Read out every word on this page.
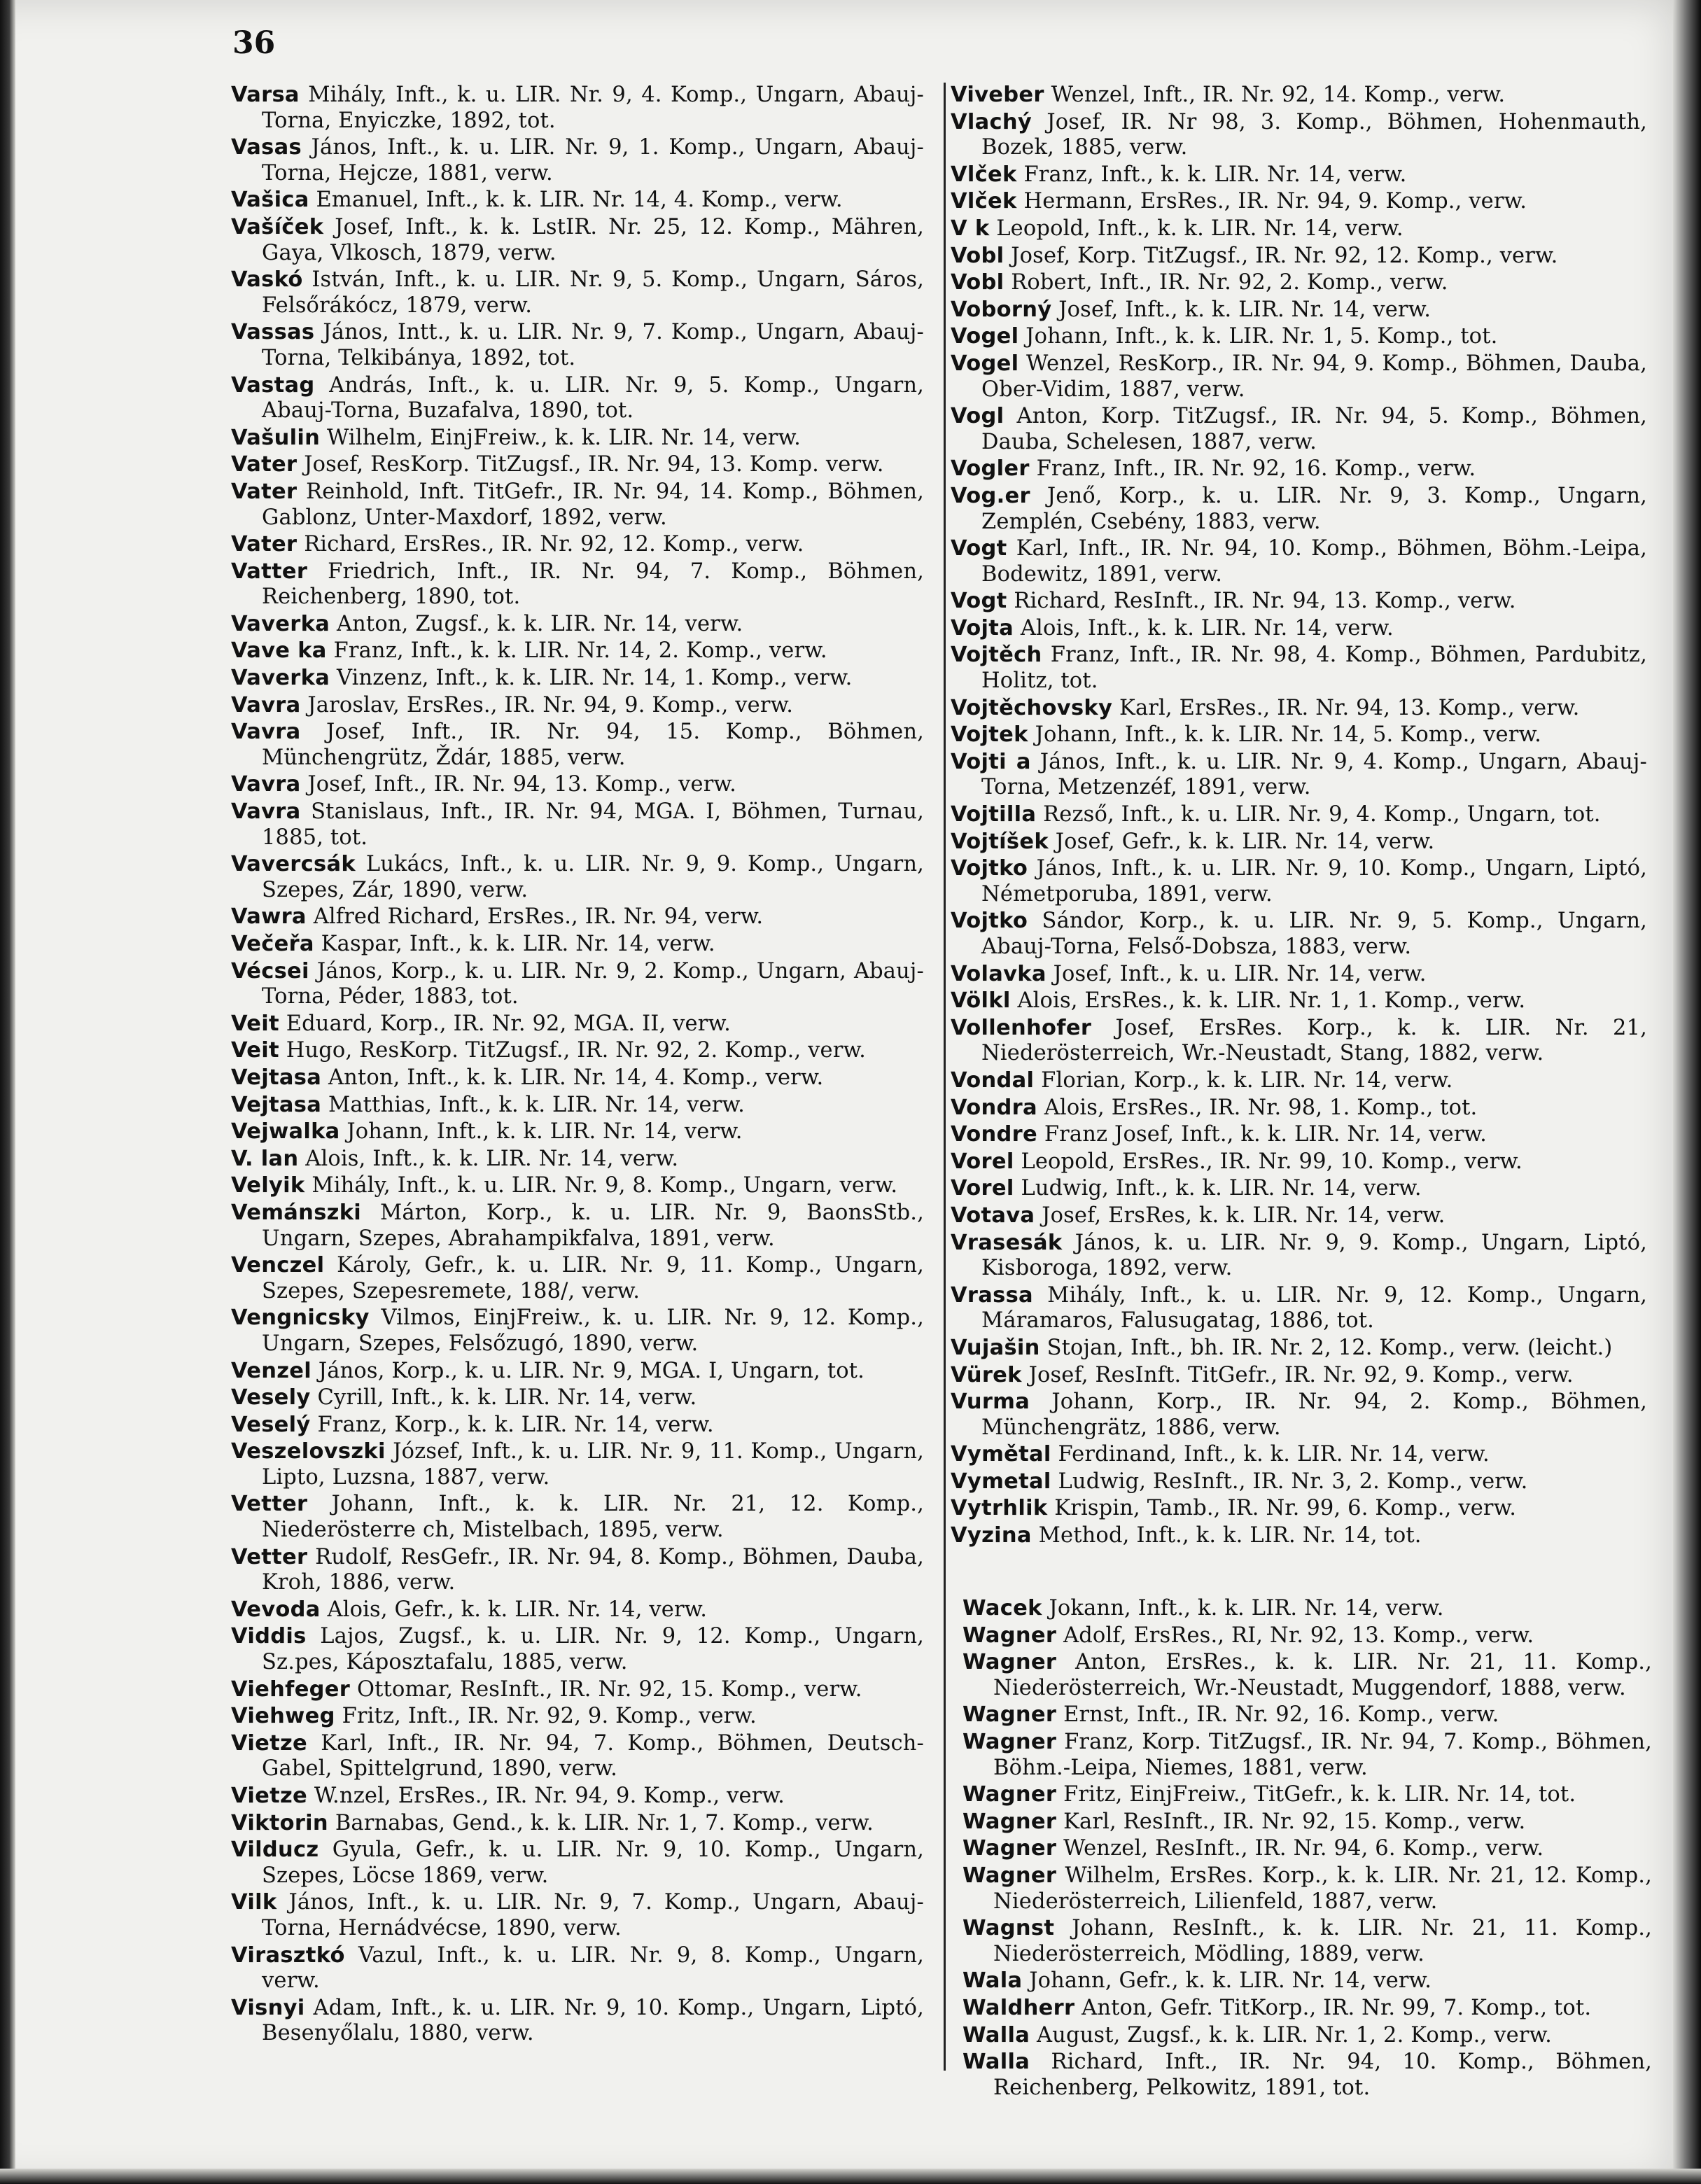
36
Varsa Mihály, Inft., k. u. LIR. Nr. 9, 4. Komp., Ungarn, Abauj-Torna, Enyiczke, 1892, tot.
Vasas János, Inft., k. u. LIR. Nr. 9, 1. Komp., Ungarn, Abauj-Torna, Hejcze, 1881, verw.
Vašica Emanuel, Inft., k. k. LIR. Nr. 14, 4. Komp., verw.
Vašíček Josef, Inft., k. k. LstIR. Nr. 25, 12. Komp., Mähren, Gaya, Vlkosch, 1879, verw.
Vaskó István, Inft., k. u. LIR. Nr. 9, 5. Komp., Ungarn, Sáros, Felsőrákócz, 1879, verw.
Vassas János, Intt., k. u. LIR. Nr. 9, 7. Komp., Ungarn, Abauj-Torna, Telkibánya, 1892, tot.
Vastag András, Inft., k. u. LIR. Nr. 9, 5. Komp., Ungarn, Abauj-Torna, Buzafalva, 1890, tot.
Vašulin Wilhelm, EinjFreiw., k. k. LIR. Nr. 14, verw.
Vater Josef, ResKorp. TitZugsf., IR. Nr. 94, 13. Komp. verw.
Vater Reinhold, Inft. TitGefr., IR. Nr. 94, 14. Komp., Böhmen, Gablonz, Unter-Maxdorf, 1892, verw.
Vater Richard, ErsRes., IR. Nr. 92, 12. Komp., verw.
Vatter Friedrich, Inft., IR. Nr. 94, 7. Komp., Böhmen, Reichenberg, 1890, tot.
Vaverka Anton, Zugsf., k. k. LIR. Nr. 14, verw.
Vave ka Franz, Inft., k. k. LIR. Nr. 14, 2. Komp., verw.
Vaverka Vinzenz, Inft., k. k. LIR. Nr. 14, 1. Komp., verw.
Vavra Jaroslav, ErsRes., IR. Nr. 94, 9. Komp., verw.
Vavra Josef, Inft., IR. Nr. 94, 15. Komp., Böhmen, Münchengrütz, Ždár, 1885, verw.
Vavra Josef, Inft., IR. Nr. 94, 13. Komp., verw.
Vavra Stanislaus, Inft., IR. Nr. 94, MGA. I, Böhmen, Turnau, 1885, tot.
Vavercsák Lukács, Inft., k. u. LIR. Nr. 9, 9. Komp., Ungarn, Szepes, Zár, 1890, verw.
Vawra Alfred Richard, ErsRes., IR. Nr. 94, verw.
Večeřa Kaspar, Inft., k. k. LIR. Nr. 14, verw.
Vécsei János, Korp., k. u. LIR. Nr. 9, 2. Komp., Ungarn, Abauj-Torna, Péder, 1883, tot.
Veit Eduard, Korp., IR. Nr. 92, MGA. II, verw.
Veit Hugo, ResKorp. TitZugsf., IR. Nr. 92, 2. Komp., verw.
Vejtasa Anton, Inft., k. k. LIR. Nr. 14, 4. Komp., verw.
Vejtasa Matthias, Inft., k. k. LIR. Nr. 14, verw.
Vejwalka Johann, Inft., k. k. LIR. Nr. 14, verw.
V. lan Alois, Inft., k. k. LIR. Nr. 14, verw.
Velyik Mihály, Inft., k. u. LIR. Nr. 9, 8. Komp., Ungarn, verw.
Vemánszki Márton, Korp., k. u. LIR. Nr. 9, BaonsStb., Ungarn, Szepes, Abrahampikfalva, 1891, verw.
Venczel Károly, Gefr., k. u. LIR. Nr. 9, 11. Komp., Ungarn, Szepes, Szepesremete, 188/, verw.
Vengnicsky Vilmos, EinjFreiw., k. u. LIR. Nr. 9, 12. Komp., Ungarn, Szepes, Felsőzugó, 1890, verw.
Venzel János, Korp., k. u. LIR. Nr. 9, MGA. I, Ungarn, tot.
Vesely Cyrill, Inft., k. k. LIR. Nr. 14, verw.
Veselý Franz, Korp., k. k. LIR. Nr. 14, verw.
Veszelovszki József, Inft., k. u. LIR. Nr. 9, 11. Komp., Ungarn, Lipto, Luzsna, 1887, verw.
Vetter Johann, Inft., k. k. LIR. Nr. 21, 12. Komp., Niederösterre ch, Mistelbach, 1895, verw.
Vetter Rudolf, ResGefr., IR. Nr. 94, 8. Komp., Böhmen, Dauba, Kroh, 1886, verw.
Vevoda Alois, Gefr., k. k. LIR. Nr. 14, verw.
Viddis Lajos, Zugsf., k. u. LIR. Nr. 9, 12. Komp., Ungarn, Sz.pes, Káposztafalu, 1885, verw.
Viehfeger Ottomar, ResInft., IR. Nr. 92, 15. Komp., verw.
Viehweg Fritz, Inft., IR. Nr. 92, 9. Komp., verw.
Vietze Karl, Inft., IR. Nr. 94, 7. Komp., Böhmen, Deutsch-Gabel, Spittelgrund, 1890, verw.
Vietze W.nzel, ErsRes., IR. Nr. 94, 9. Komp., verw.
Viktorin Barnabas, Gend., k. k. LIR. Nr. 1, 7. Komp., verw.
Vilducz Gyula, Gefr., k. u. LIR. Nr. 9, 10. Komp., Ungarn, Szepes, Löcse 1869, verw.
Vilk János, Inft., k. u. LIR. Nr. 9, 7. Komp., Ungarn, Abauj-Torna, Hernádvécse, 1890, verw.
Virasztkó Vazul, Inft., k. u. LIR. Nr. 9, 8. Komp., Ungarn, verw.
Visnyi Adam, Inft., k. u. LIR. Nr. 9, 10. Komp., Ungarn, Liptó, Besenyőlalu, 1880, verw.
Viveber Wenzel, Inft., IR. Nr. 92, 14. Komp., verw.
Vlachý Josef, IR. Nr 98, 3. Komp., Böhmen, Hohenmauth, Bozek, 1885, verw.
Vlček Franz, Inft., k. k. LIR. Nr. 14, verw.
Vlček Hermann, ErsRes., IR. Nr. 94, 9. Komp., verw.
V k Leopold, Inft., k. k. LIR. Nr. 14, verw.
Vobl Josef, Korp. TitZugsf., IR. Nr. 92, 12. Komp., verw.
Vobl Robert, Inft., IR. Nr. 92, 2. Komp., verw.
Voborný Josef, Inft., k. k. LIR. Nr. 14, verw.
Vogel Johann, Inft., k. k. LIR. Nr. 1, 5. Komp., tot.
Vogel Wenzel, ResKorp., IR. Nr. 94, 9. Komp., Böhmen, Dauba, Ober-Vidim, 1887, verw.
Vogl Anton, Korp. TitZugsf., IR. Nr. 94, 5. Komp., Böhmen, Dauba, Schelesen, 1887, verw.
Vogler Franz, Inft., IR. Nr. 92, 16. Komp., verw.
Vog.er Jenő, Korp., k. u. LIR. Nr. 9, 3. Komp., Ungarn, Zemplén, Csebény, 1883, verw.
Vogt Karl, Inft., IR. Nr. 94, 10. Komp., Böhmen, Böhm.-Leipa, Bodewitz, 1891, verw.
Vogt Richard, ResInft., IR. Nr. 94, 13. Komp., verw.
Vojta Alois, Inft., k. k. LIR. Nr. 14, verw.
Vojtěch Franz, Inft., IR. Nr. 98, 4. Komp., Böhmen, Pardubitz, Holitz, tot.
Vojtěchovsky Karl, ErsRes., IR. Nr. 94, 13. Komp., verw.
Vojtek Johann, Inft., k. k. LIR. Nr. 14, 5. Komp., verw.
Vojti a János, Inft., k. u. LIR. Nr. 9, 4. Komp., Ungarn, Abauj-Torna, Metzenzéf, 1891, verw.
Vojtilla Rezső, Inft., k. u. LIR. Nr. 9, 4. Komp., Ungarn, tot.
Vojtíšek Josef, Gefr., k. k. LIR. Nr. 14, verw.
Vojtko János, Inft., k. u. LIR. Nr. 9, 10. Komp., Ungarn, Liptó, Németporuba, 1891, verw.
Vojtko Sándor, Korp., k. u. LIR. Nr. 9, 5. Komp., Ungarn, Abauj-Torna, Felső-Dobsza, 1883, verw.
Volavka Josef, Inft., k. u. LIR. Nr. 14, verw.
Völkl Alois, ErsRes., k. k. LIR. Nr. 1, 1. Komp., verw.
Vollenhofer Josef, ErsRes. Korp., k. k. LIR. Nr. 21, Niederösterreich, Wr.-Neustadt, Stang, 1882, verw.
Vondal Florian, Korp., k. k. LIR. Nr. 14, verw.
Vondra Alois, ErsRes., IR. Nr. 98, 1. Komp., tot.
Vondre Franz Josef, Inft., k. k. LIR. Nr. 14, verw.
Vorel Leopold, ErsRes., IR. Nr. 99, 10. Komp., verw.
Vorel Ludwig, Inft., k. k. LIR. Nr. 14, verw.
Votava Josef, ErsRes, k. k. LIR. Nr. 14, verw.
Vrasesák János, k. u. LIR. Nr. 9, 9. Komp., Ungarn, Liptó, Kisboroga, 1892, verw.
Vrassa Mihály, Inft., k. u. LIR. Nr. 9, 12. Komp., Ungarn, Máramaros, Falusugatag, 1886, tot.
Vujašin Stojan, Inft., bh. IR. Nr. 2, 12. Komp., verw. (leicht.)
Vürek Josef, ResInft. TitGefr., IR. Nr. 92, 9. Komp., verw.
Vurma Johann, Korp., IR. Nr. 94, 2. Komp., Böhmen, Münchengrätz, 1886, verw.
Vymětal Ferdinand, Inft., k. k. LIR. Nr. 14, verw.
Vymetal Ludwig, ResInft., IR. Nr. 3, 2. Komp., verw.
Vytrhlik Krispin, Tamb., IR. Nr. 99, 6. Komp., verw.
Vyzina Method, Inft., k. k. LIR. Nr. 14, tot.
Wacek Jokann, Inft., k. k. LIR. Nr. 14, verw.
Wagner Adolf, ErsRes., RI, Nr. 92, 13. Komp., verw.
Wagner Anton, ErsRes., k. k. LIR. Nr. 21, 11. Komp., Niederösterreich, Wr.-Neustadt, Muggendorf, 1888, verw.
Wagner Ernst, Inft., IR. Nr. 92, 16. Komp., verw.
Wagner Franz, Korp. TitZugsf., IR. Nr. 94, 7. Komp., Böhmen, Böhm.-Leipa, Niemes, 1881, verw.
Wagner Fritz, EinjFreiw., TitGefr., k. k. LIR. Nr. 14, tot.
Wagner Karl, ResInft., IR. Nr. 92, 15. Komp., verw.
Wagner Wenzel, ResInft., IR. Nr. 94, 6. Komp., verw.
Wagner Wilhelm, ErsRes. Korp., k. k. LIR. Nr. 21, 12. Komp., Niederösterreich, Lilienfeld, 1887, verw.
Wagnst Johann, ResInft., k. k. LIR. Nr. 21, 11. Komp., Niederösterreich, Mödling, 1889, verw.
Wala Johann, Gefr., k. k. LIR. Nr. 14, verw.
Waldherr Anton, Gefr. TitKorp., IR. Nr. 99, 7. Komp., tot.
Walla August, Zugsf., k. k. LIR. Nr. 1, 2. Komp., verw.
Walla Richard, Inft., IR. Nr. 94, 10. Komp., Böhmen, Reichenberg, Pelkowitz, 1891, tot.
